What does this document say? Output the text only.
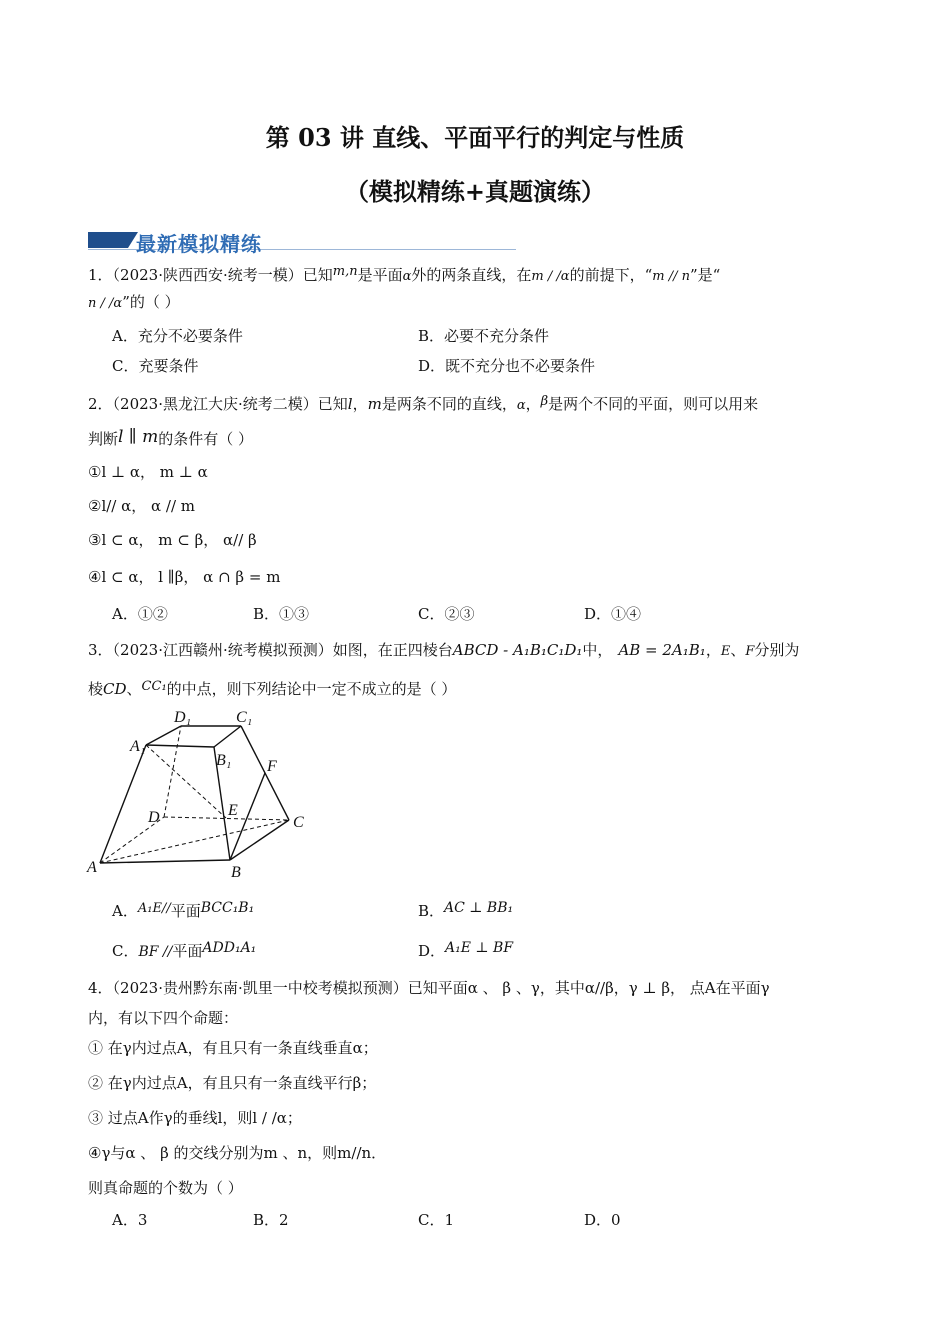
第 03 讲 直线、平面平行的判定与性质
（模拟精练+真题演练）
最新模拟精练
1．（2023·陕西西安·统考一模）已知m,n是平面α外的两条直线，在m / /α的前提下，“m // n”是“
n / /α”的（ ）
A．充分不必要条件	B．必要不充分条件
C．充要条件	D．既不充分也不必要条件
2．（2023·黑龙江大庆·统考二模）已知l，m是两条不同的直线，α，β是两个不同的平面，则可以用来
判断l ∥ m的条件有（ ）
①l ⊥ α， m ⊥ α
②l// α， α // m
③l ⊂ α， m ⊂ β， α// β
④l ⊂ α， l ∥β， α ∩ β = m
A．①②	B．①③	C．②③	D．①④
3．（2023·江西赣州·统考模拟预测）如图，在正四棱台ABCD - A₁B₁C₁D₁中， AB = 2A₁B₁，E、F分别为
棱CD、CC₁的中点，则下列结论中一定不成立的是（ ）
D₁	C₁
A₁
B₁ F
D	E
C
A	B
A．A₁E//平面BCC₁B₁	B．AC ⊥ BB₁
C．BF //平面ADD₁A₁	D．A₁E ⊥ BF
4．（2023·贵州黔东南·凯里一中校考模拟预测）已知平面α 、 β 、γ，其中α//β，γ ⊥ β， 点A在平面γ
内，有以下四个命题：
① 在γ内过点A，有且只有一条直线垂直α；
② 在γ内过点A，有且只有一条直线平行β；
③ 过点A作γ的垂线l，则l / /α；
④γ与α 、 β 的交线分别为m 、n，则m//n．
则真命题的个数为（ ）
A．3	B．2	C．1	D．0
